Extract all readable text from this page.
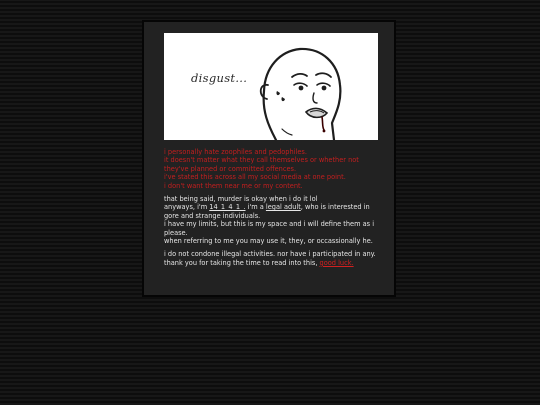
disgust...
i personally hate zoophiles and pedophiles.
it doesn't matter what they call themselves or whether not they've planned or committed offences.
i've stated this across all my social media at one point.
i don't want them near me or my content.
that being said, murder is okay when i do it lol
anyways, i'm 14_1_4_1_. i'm a legal adult, who is interested in gore and strange individuals.
i have my limits, but this is my space and i will define them as i please.
when referring to me you may use it, they, or occassionally he.
i do not condone illegal activities. nor have i participated in any.
thank you for taking the time to read into this, good luck.
